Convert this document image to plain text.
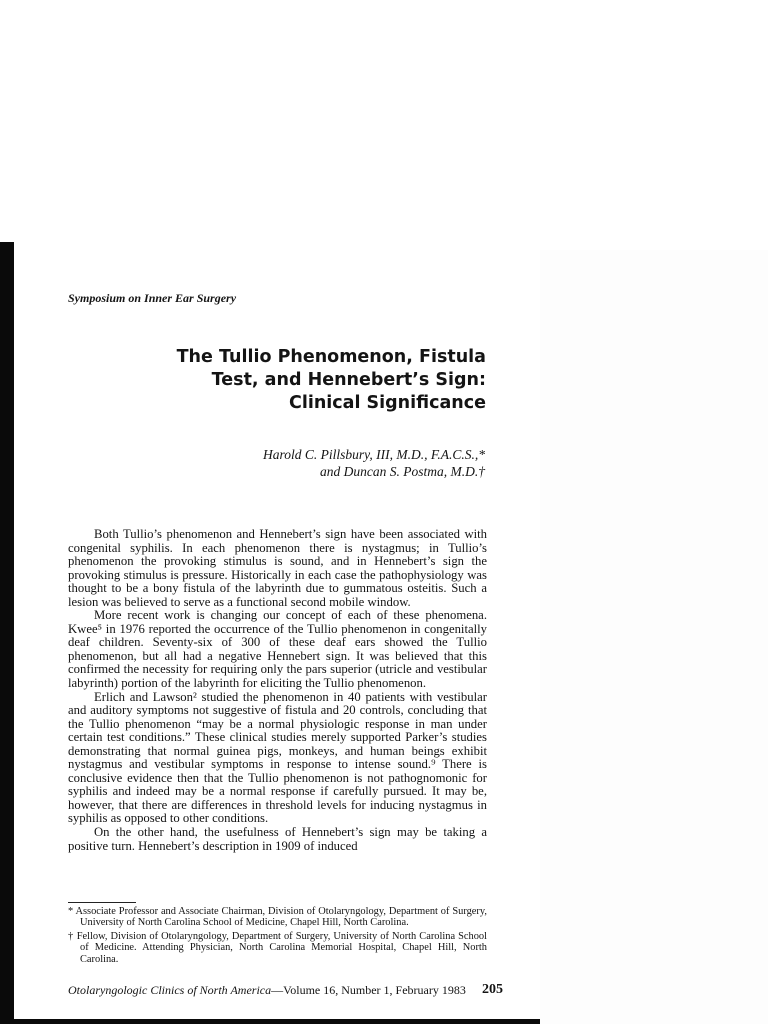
Symposium on Inner Ear Surgery
The Tullio Phenomenon, Fistula
Test, and Hennebert’s Sign:
Clinical Significance
Harold C. Pillsbury, III, M.D., F.A.C.S.,*
and Duncan S. Postma, M.D.†

Both Tullio’s phenomenon and Hennebert’s sign have been associated with congenital syphilis. In each phenomenon there is nystagmus; in Tullio’s phenomenon the provoking stimulus is sound, and in Hennebert’s sign the provoking stimulus is pressure. Historically in each case the pathophysiology was thought to be a bony fistula of the labyrinth due to gummatous osteitis. Such a lesion was believed to serve as a functional second mobile window.

More recent work is changing our concept of each of these phenomena. Kwee⁵ in 1976 reported the occurrence of the Tullio phenomenon in congenitally deaf children. Seventy-six of 300 of these deaf ears showed the Tullio phenomenon, but all had a negative Hennebert sign. It was believed that this confirmed the necessity for requiring only the pars superior (utricle and vestibular labyrinth) portion of the labyrinth for eliciting the Tullio phenomenon.

Erlich and Lawson² studied the phenomenon in 40 patients with vestibular and auditory symptoms not suggestive of fistula and 20 controls, concluding that the Tullio phenomenon “may be a normal physiologic response in man under certain test conditions.” These clinical studies merely supported Parker’s studies demonstrating that normal guinea pigs, monkeys, and human beings exhibit nystagmus and vestibular symptoms in response to intense sound.⁹ There is conclusive evidence then that the Tullio phenomenon is not pathognomonic for syphilis and indeed may be a normal response if carefully pursued. It may be, however, that there are differences in threshold levels for inducing nystagmus in syphilis as opposed to other conditions.

On the other hand, the usefulness of Hennebert’s sign may be taking a positive turn. Hennebert’s description in 1909 of induced

* Associate Professor and Associate Chairman, Division of Otolaryngology, Department of Surgery, University of North Carolina School of Medicine, Chapel Hill, North Carolina.

† Fellow, Division of Otolaryngology, Department of Surgery, University of North Carolina School of Medicine. Attending Physician, North Carolina Memorial Hospital, Chapel Hill, North Carolina.

Otolaryngologic Clinics of North America—Volume 16, Number 1, February 1983 205
